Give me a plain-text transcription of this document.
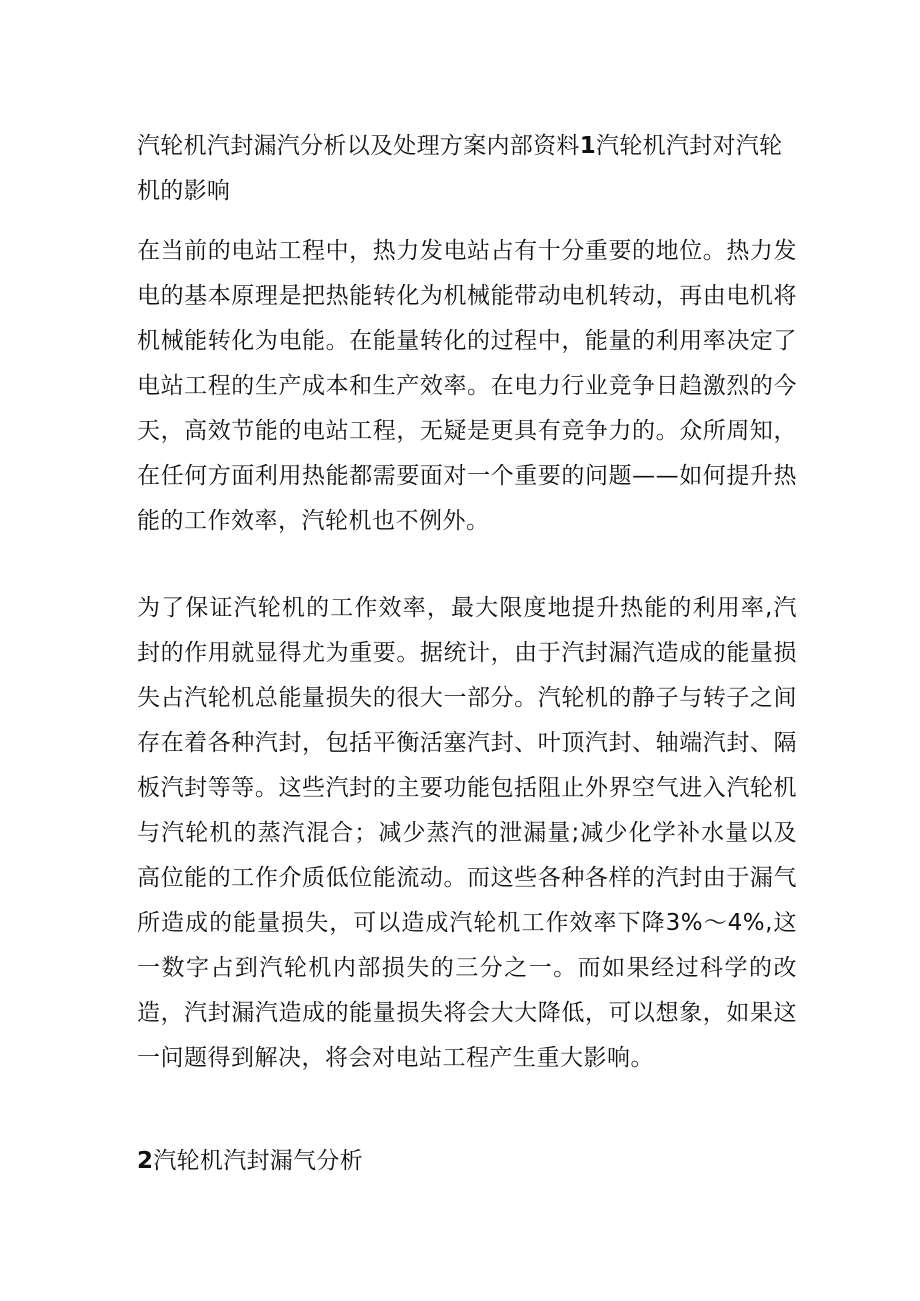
汽轮机汽封漏汽分析以及处理方案内部资料1汽轮机汽封对汽轮机的影响

在当前的电站工程中，热力发电站占有十分重要的地位。热力发电的基本原理是把热能转化为机械能带动电机转动，再由电机将机械能转化为电能。在能量转化的过程中，能量的利用率决定了电站工程的生产成本和生产效率。在电力行业竞争日趋激烈的今天，高效节能的电站工程，无疑是更具有竞争力的。众所周知，在任何方面利用热能都需要面对一个重要的问题——如何提升热能的工作效率，汽轮机也不例外。

为了保证汽轮机的工作效率，最大限度地提升热能的利用率,汽封的作用就显得尤为重要。据统计，由于汽封漏汽造成的能量损失占汽轮机总能量损失的很大一部分。汽轮机的静子与转子之间存在着各种汽封，包括平衡活塞汽封、叶顶汽封、轴端汽封、隔板汽封等等。这些汽封的主要功能包括阻止外界空气进入汽轮机与汽轮机的蒸汽混合；减少蒸汽的泄漏量;减少化学补水量以及高位能的工作介质低位能流动。而这些各种各样的汽封由于漏气所造成的能量损失，可以造成汽轮机工作效率下降3%～4%,这一数字占到汽轮机内部损失的三分之一。而如果经过科学的改造，汽封漏汽造成的能量损失将会大大降低，可以想象，如果这一问题得到解决，将会对电站工程产生重大影响。

2汽轮机汽封漏气分析
